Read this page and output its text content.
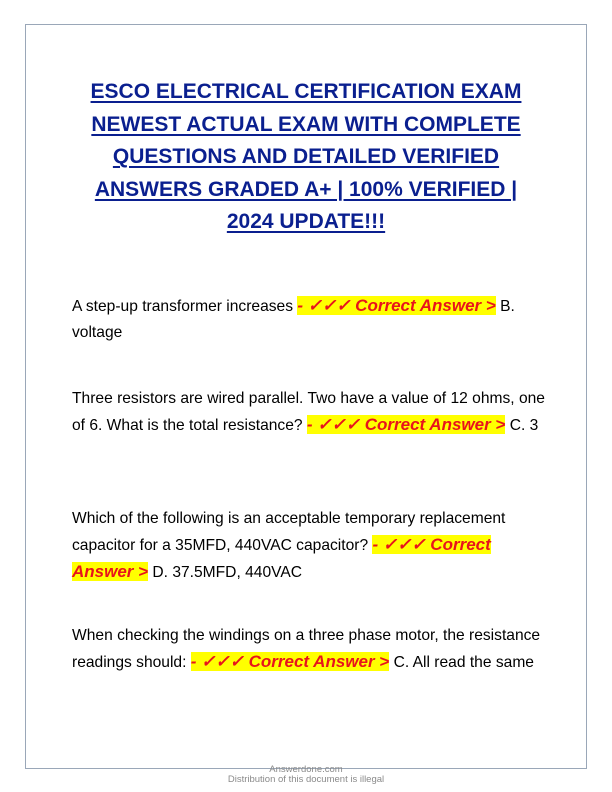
ESCO ELECTRICAL CERTIFICATION EXAM
NEWEST ACTUAL EXAM WITH COMPLETE
QUESTIONS AND DETAILED VERIFIED
ANSWERS GRADED A+ | 100% VERIFIED |
2024 UPDATE!!!
A step-up transformer increases - ✓✓✓ Correct Answer > B. voltage
Three resistors are wired parallel. Two have a value of 12 ohms, one of 6. What is the total resistance? - ✓✓✓ Correct Answer > C. 3
Which of the following is an acceptable temporary replacement capacitor for a 35MFD, 440VAC capacitor? - ✓✓✓ Correct Answer > D. 37.5MFD, 440VAC
When checking the windings on a three phase motor, the resistance readings should: - ✓✓✓ Correct Answer > C. All read the same
Answerdone.com
Distribution of this document is illegal
